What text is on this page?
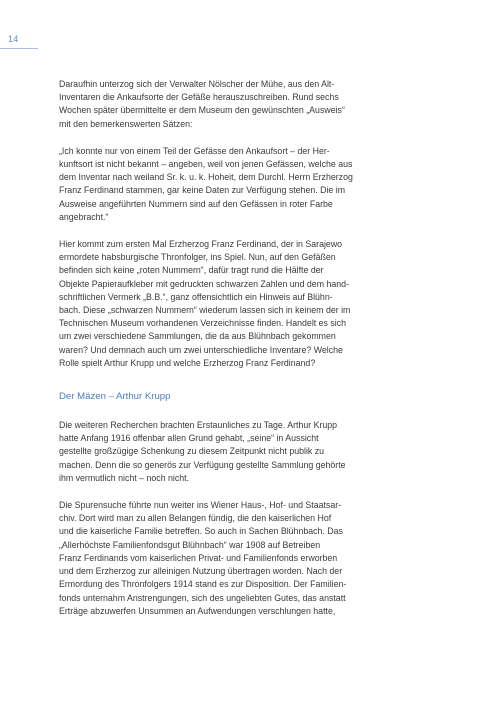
14

Daraufhin unterzog sich der Verwalter Nölscher der Mühe, aus den Alt-
Inventaren die Ankaufsorte der Gefäße herauszuschreiben. Rund sechs
Wochen später übermittelte er dem Museum den gewünschten „Ausweis“
mit den bemerkenswerten Sätzen:

„Ich konnte nur von einem Teil der Gefässe den Ankaufsort – der Her-
kunftsort ist nicht bekannt – angeben, weil von jenen Gefässen, welche aus
dem Inventar nach weiland Sr. k. u. k. Hoheit, dem Durchl. Herrn Erzherzog
Franz Ferdinand stammen, gar keine Daten zur Verfügung stehen. Die im
Ausweise angeführten Nummern sind auf den Gefässen in roter Farbe
angebracht.“

Hier kommt zum ersten Mal Erzherzog Franz Ferdinand, der in Sarajewo
ermordete habsburgische Thronfolger, ins Spiel. Nun, auf den Gefäßen
befinden sich keine „roten Nummern“, dafür tragt rund die Hälfte der
Objekte Papieraufkleber mit gedruckten schwarzen Zahlen und dem hand-
schriftlichen Vermerk „B.B.“, ganz offensichtlich ein Hinweis auf Blühn-
bach. Diese „schwarzen Nummern“ wiederum lassen sich in keinem der im
Technischen Museum vorhandenen Verzeichnisse finden. Handelt es sich
um zwei verschiedene Sammlungen, die da aus Blühnbach gekommen
waren? Und demnach auch um zwei unterschiedliche Inventare? Welche
Rolle spielt Arthur Krupp und welche Erzherzog Franz Ferdinand?

Der Mäzen – Arthur Krupp

Die weiteren Recherchen brachten Erstaunliches zu Tage. Arthur Krupp
hatte Anfang 1916 offenbar allen Grund gehabt, „seine“ in Aussicht
gestellte großzügige Schenkung zu diesem Zeitpunkt nicht publik zu
machen. Denn die so generös zur Verfügung gestellte Sammlung gehörte
ihm vermutlich nicht – noch nicht.

Die Spurensuche führte nun weiter ins Wiener Haus-, Hof- und Staatsar-
chiv. Dort wird man zu allen Belangen fündig, die den kaiserlichen Hof
und die kaiserliche Familie betreffen. So auch in Sachen Blühnbach. Das
„Allerhöchste Familienfondsgut Blühnbach“ war 1908 auf Betreiben
Franz Ferdinands vom kaiserlichen Privat- und Familienfonds erworben
und dem Erzherzog zur alleinigen Nutzung übertragen worden. Nach der
Ermordung des Thronfolgers 1914 stand es zur Disposition. Der Familien-
fonds unternahm Anstrengungen, sich des ungeliebten Gutes, das anstatt
Erträge abzuwerfen Unsummen an Aufwendungen verschlungen hatte,
